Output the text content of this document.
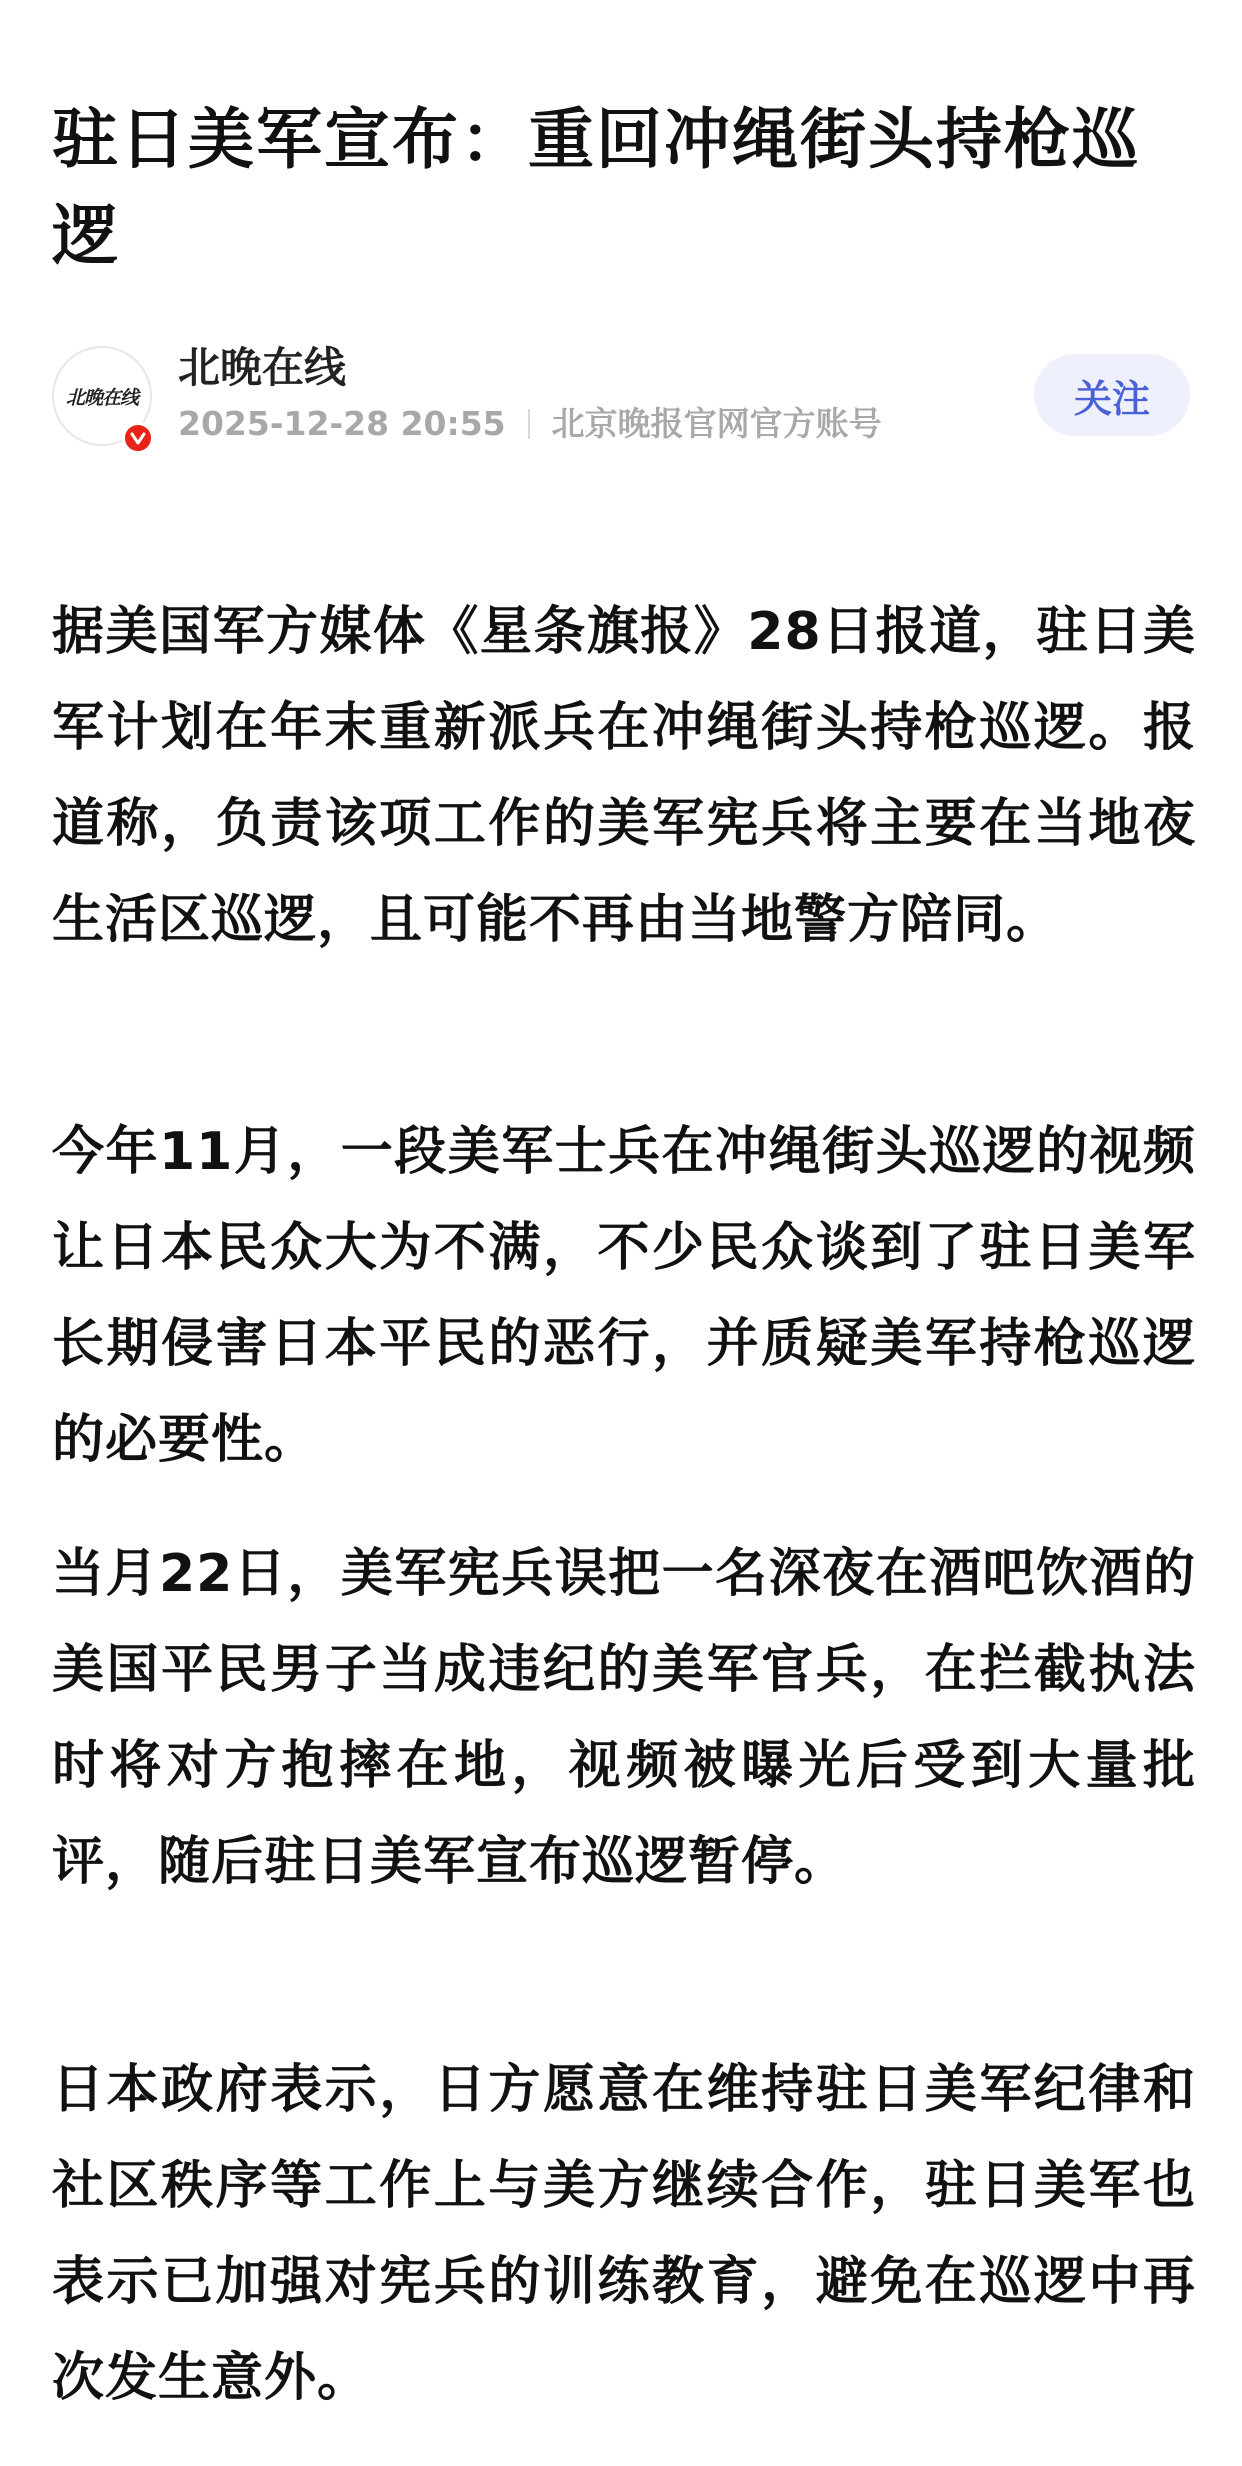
驻日美军宣布：重回冲绳街头持枪巡逻
北晚在线
北晚在线
2025-12-28 20:55 北京晚报官网官方账号
关注

据美国军方媒体《星条旗报》28日报道，驻日美军计划在年末重新派兵在冲绳街头持枪巡逻。报道称，负责该项工作的美军宪兵将主要在当地夜生活区巡逻，且可能不再由当地警方陪同。

今年11月，一段美军士兵在冲绳街头巡逻的视频让日本民众大为不满，不少民众谈到了驻日美军长期侵害日本平民的恶行，并质疑美军持枪巡逻的必要性。

当月22日，美军宪兵误把一名深夜在酒吧饮酒的美国平民男子当成违纪的美军官兵，在拦截执法时将对方抱摔在地，视频被曝光后受到大量批评，随后驻日美军宣布巡逻暂停。

日本政府表示，日方愿意在维持驻日美军纪律和社区秩序等工作上与美方继续合作，驻日美军也表示已加强对宪兵的训练教育，避免在巡逻中再次发生意外。
